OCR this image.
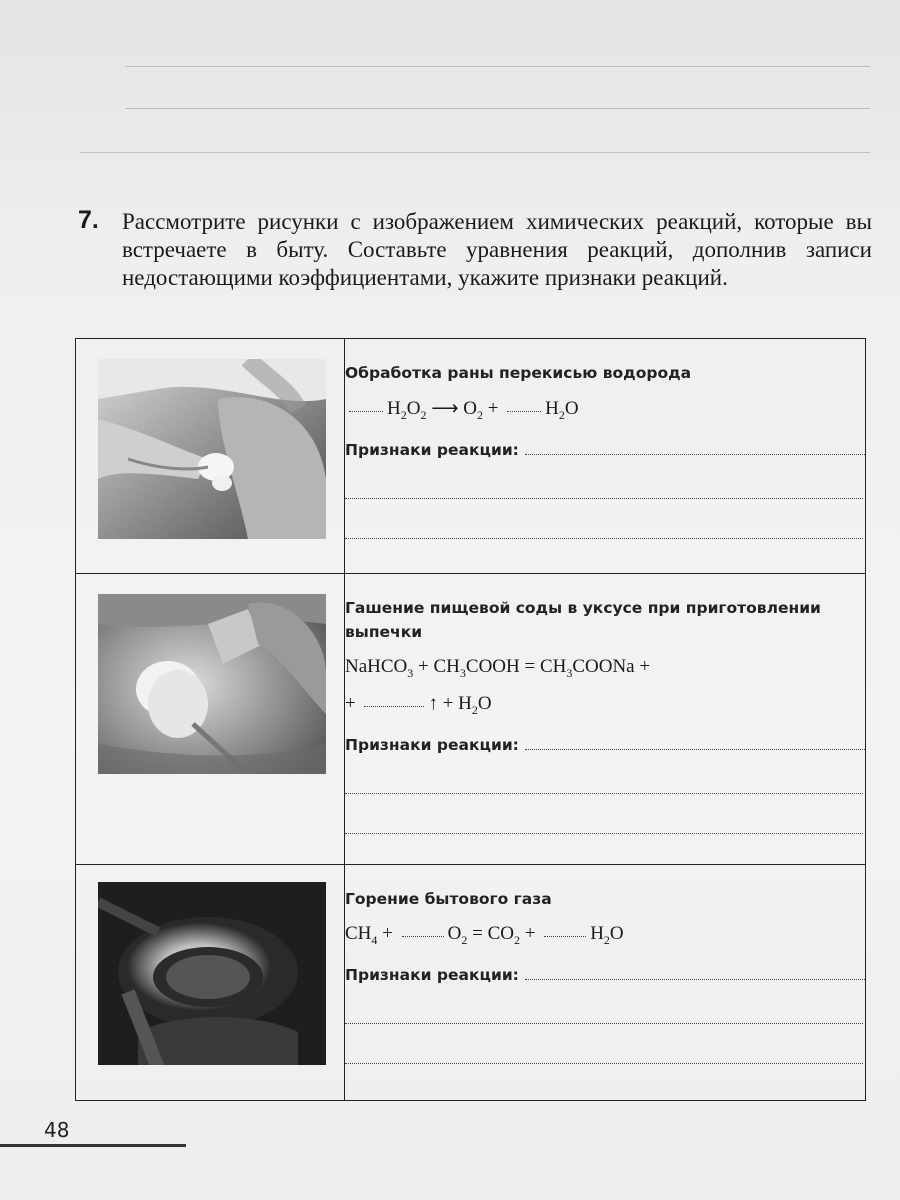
7. Рассмотрите рисунки с изображением химических реакций, которые вы встречаете в быту. Составьте уравнения реакций, дополнив записи недостающими коэффициентами, укажите признаки реакций.

Обработка раны перекисью водорода
$H_2O_2$ ⟶ $O_2 + H_2O$
Признаки реакции:

Гашение пищевой соды в уксусе при приготовлении выпечки
NaHCO$_3$ + $CH_3COOH$ = $CH_3COONa$ +
+ ↑ + $H_2O$
Признаки реакции:

Горение бытового газа
$CH_4 + O_2 = CO_2 + H_2O$
Признаки реакции:
48
